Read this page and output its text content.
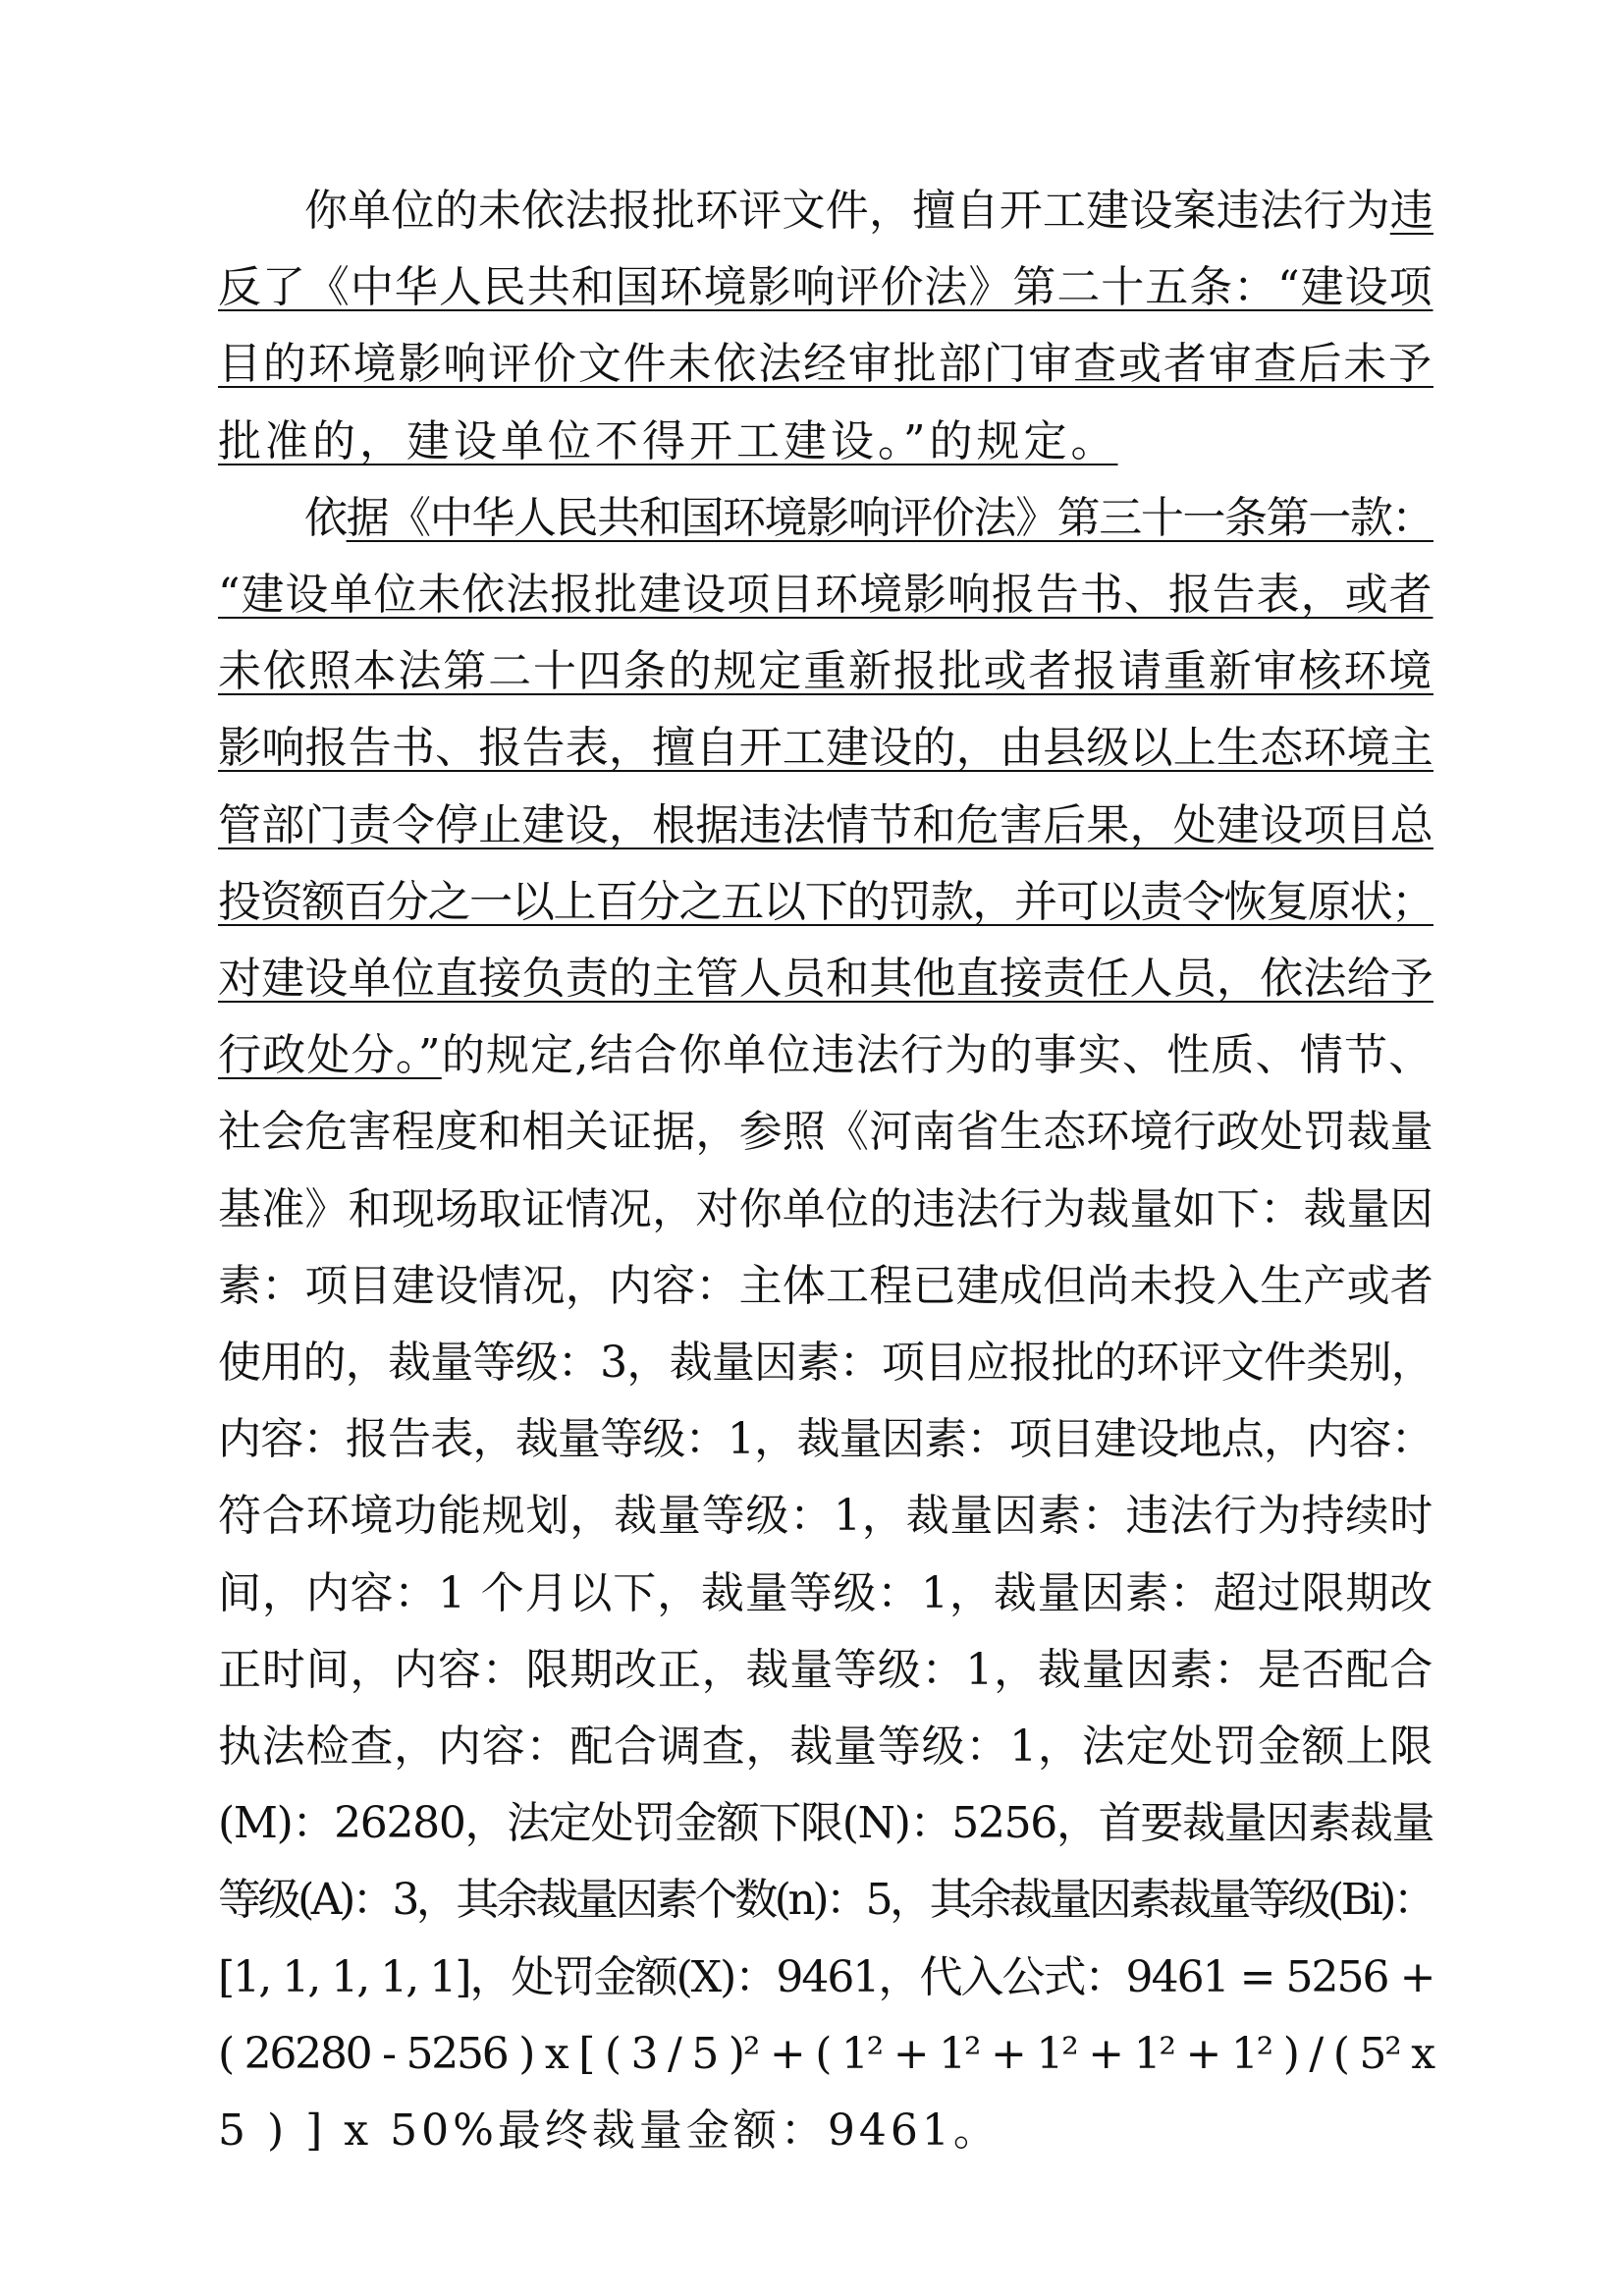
你单位的未依法报批环评文件，擅自开工建设案违法行为违
反了《中华人民共和国环境影响评价法》第二十五条：“建设项
目的环境影响评价文件未依法经审批部门审查或者审查后未予
批准的，建设单位不得开工建设。”的规定。
依据《中华人民共和国环境影响评价法》第三十一条第一款：
“建设单位未依法报批建设项目环境影响报告书、报告表，或者
未依照本法第二十四条的规定重新报批或者报请重新审核环境
影响报告书、报告表，擅自开工建设的，由县级以上生态环境主
管部门责令停止建设，根据违法情节和危害后果，处建设项目总
投资额百分之一以上百分之五以下的罚款，并可以责令恢复原状；
对建设单位直接负责的主管人员和其他直接责任人员，依法给予
行政处分。”的规定,结合你单位违法行为的事实、性质、情节、
社会危害程度和相关证据，参照《河南省生态环境行政处罚裁量
基准》和现场取证情况，对你单位的违法行为裁量如下：裁量因
素：项目建设情况，内容：主体工程已建成但尚未投入生产或者
使用的，裁量等级：3，裁量因素：项目应报批的环评文件类别，
内容：报告表，裁量等级：1，裁量因素：项目建设地点，内容：
符合环境功能规划，裁量等级：1，裁量因素：违法行为持续时
间，内容：1 个月以下，裁量等级：1，裁量因素：超过限期改
正时间，内容：限期改正，裁量等级：1，裁量因素：是否配合
执法检查，内容：配合调查，裁量等级：1，法定处罚金额上限
(M)：26280，法定处罚金额下限(N)：5256，首要裁量因素裁量
等级(A)：3，其余裁量因素个数(n)：5，其余裁量因素裁量等级(Bi)：
[1, 1, 1, 1, 1]，处罚金额(X)：9461，代入公式：9461 = 5256 +
( 26280 - 5256 ) x [ ( 3 / 5 )² + ( 1² + 1² + 1² + 1² + 1² ) / ( 5² x
5 ) ] x 50%最终裁量金额：9461。
